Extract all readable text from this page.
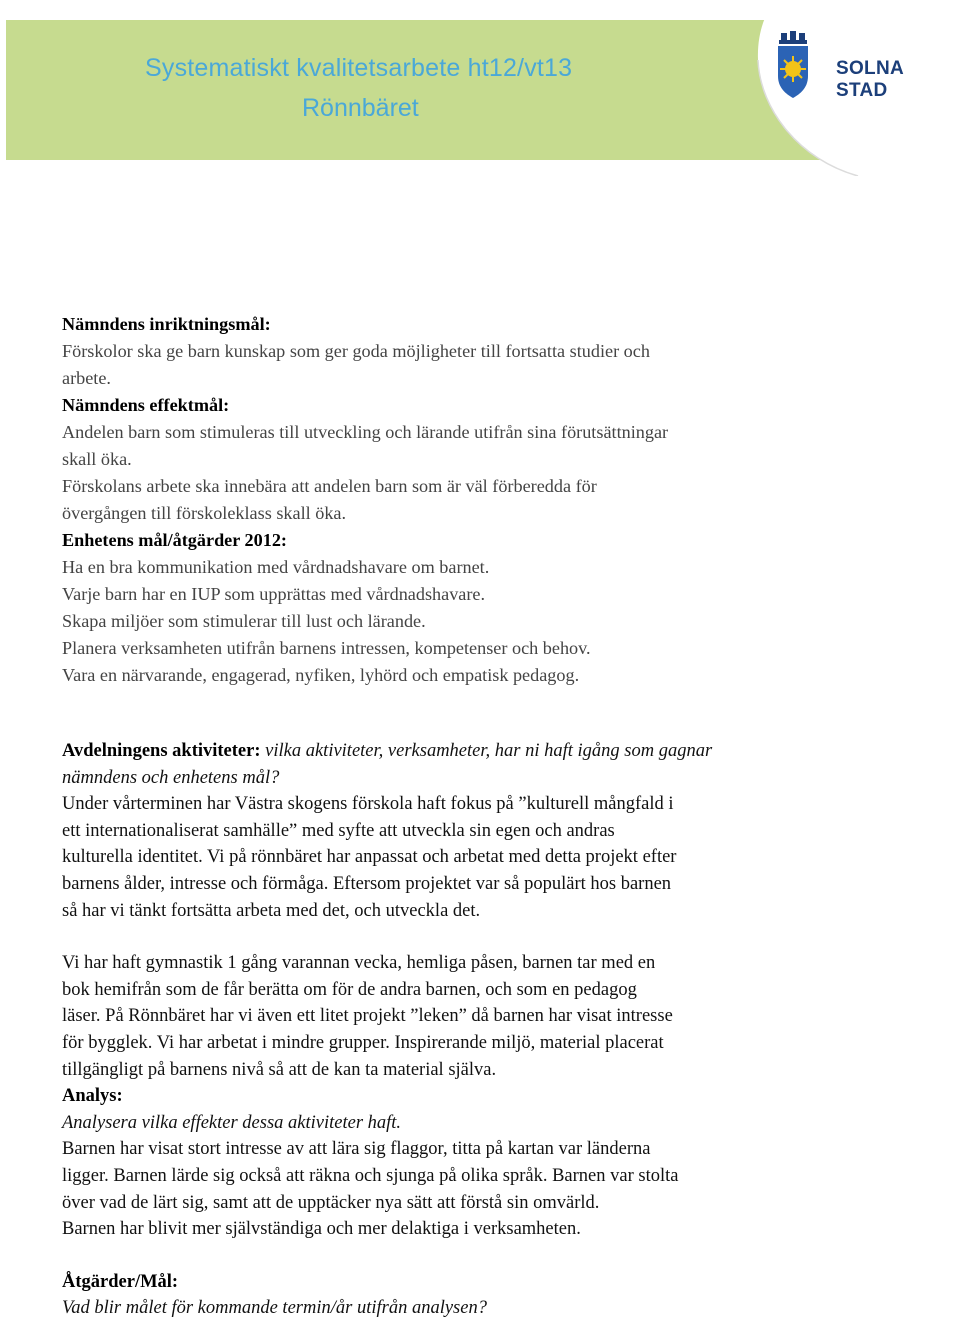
Systematiskt kvalitetsarbete ht12/vt13
Rönnbäret
SOLNA STAD
Nämndens inriktningsmål:
Förskolor ska ge barn kunskap som ger goda möjligheter till fortsatta studier och
arbete.
Nämndens effektmål:
Andelen barn som stimuleras till utveckling och lärande utifrån sina förutsättningar
skall öka.
Förskolans arbete ska innebära att andelen barn som är väl förberedda för
övergången till förskoleklass skall öka.
Enhetens mål/åtgärder 2012:
Ha en bra kommunikation med vårdnadshavare om barnet.
Varje barn har en IUP som upprättas med vårdnadshavare.
Skapa miljöer som stimulerar till lust och lärande.
Planera verksamheten utifrån barnens intressen, kompetenser och behov.
Vara en närvarande, engagerad, nyfiken, lyhörd och empatisk pedagog.
Avdelningens aktiviteter: vilka aktiviteter, verksamheter, har ni haft igång som gagnar
nämndens och enhetens mål?
Under vårterminen har Västra skogens förskola haft fokus på ”kulturell mångfald i
ett internationaliserat samhälle” med syfte att utveckla sin egen och andras
kulturella identitet. Vi på rönnbäret har anpassat och arbetat med detta projekt efter
barnens ålder, intresse och förmåga. Eftersom projektet var så populärt hos barnen
så har vi tänkt fortsätta arbeta med det, och utveckla det.
Vi har haft gymnastik 1 gång varannan vecka, hemliga påsen, barnen tar med en
bok hemifrån som de får berätta om för de andra barnen, och som en pedagog
läser. På Rönnbäret har vi även ett litet projekt ”leken” då barnen har visat intresse
för bygglek. Vi har arbetat i mindre grupper. Inspirerande miljö, material placerat
tillgängligt på barnens nivå så att de kan ta material själva.
Analys:
Analysera vilka effekter dessa aktiviteter haft.
Barnen har visat stort intresse av att lära sig flaggor, titta på kartan var länderna
ligger. Barnen lärde sig också att räkna och sjunga på olika språk. Barnen var stolta
över vad de lärt sig, samt att de upptäcker nya sätt att förstå sin omvärld.
Barnen har blivit mer självständiga och mer delaktiga i verksamheten.
Åtgärder/Mål:
Vad blir målet för kommande termin/år utifrån analysen?
